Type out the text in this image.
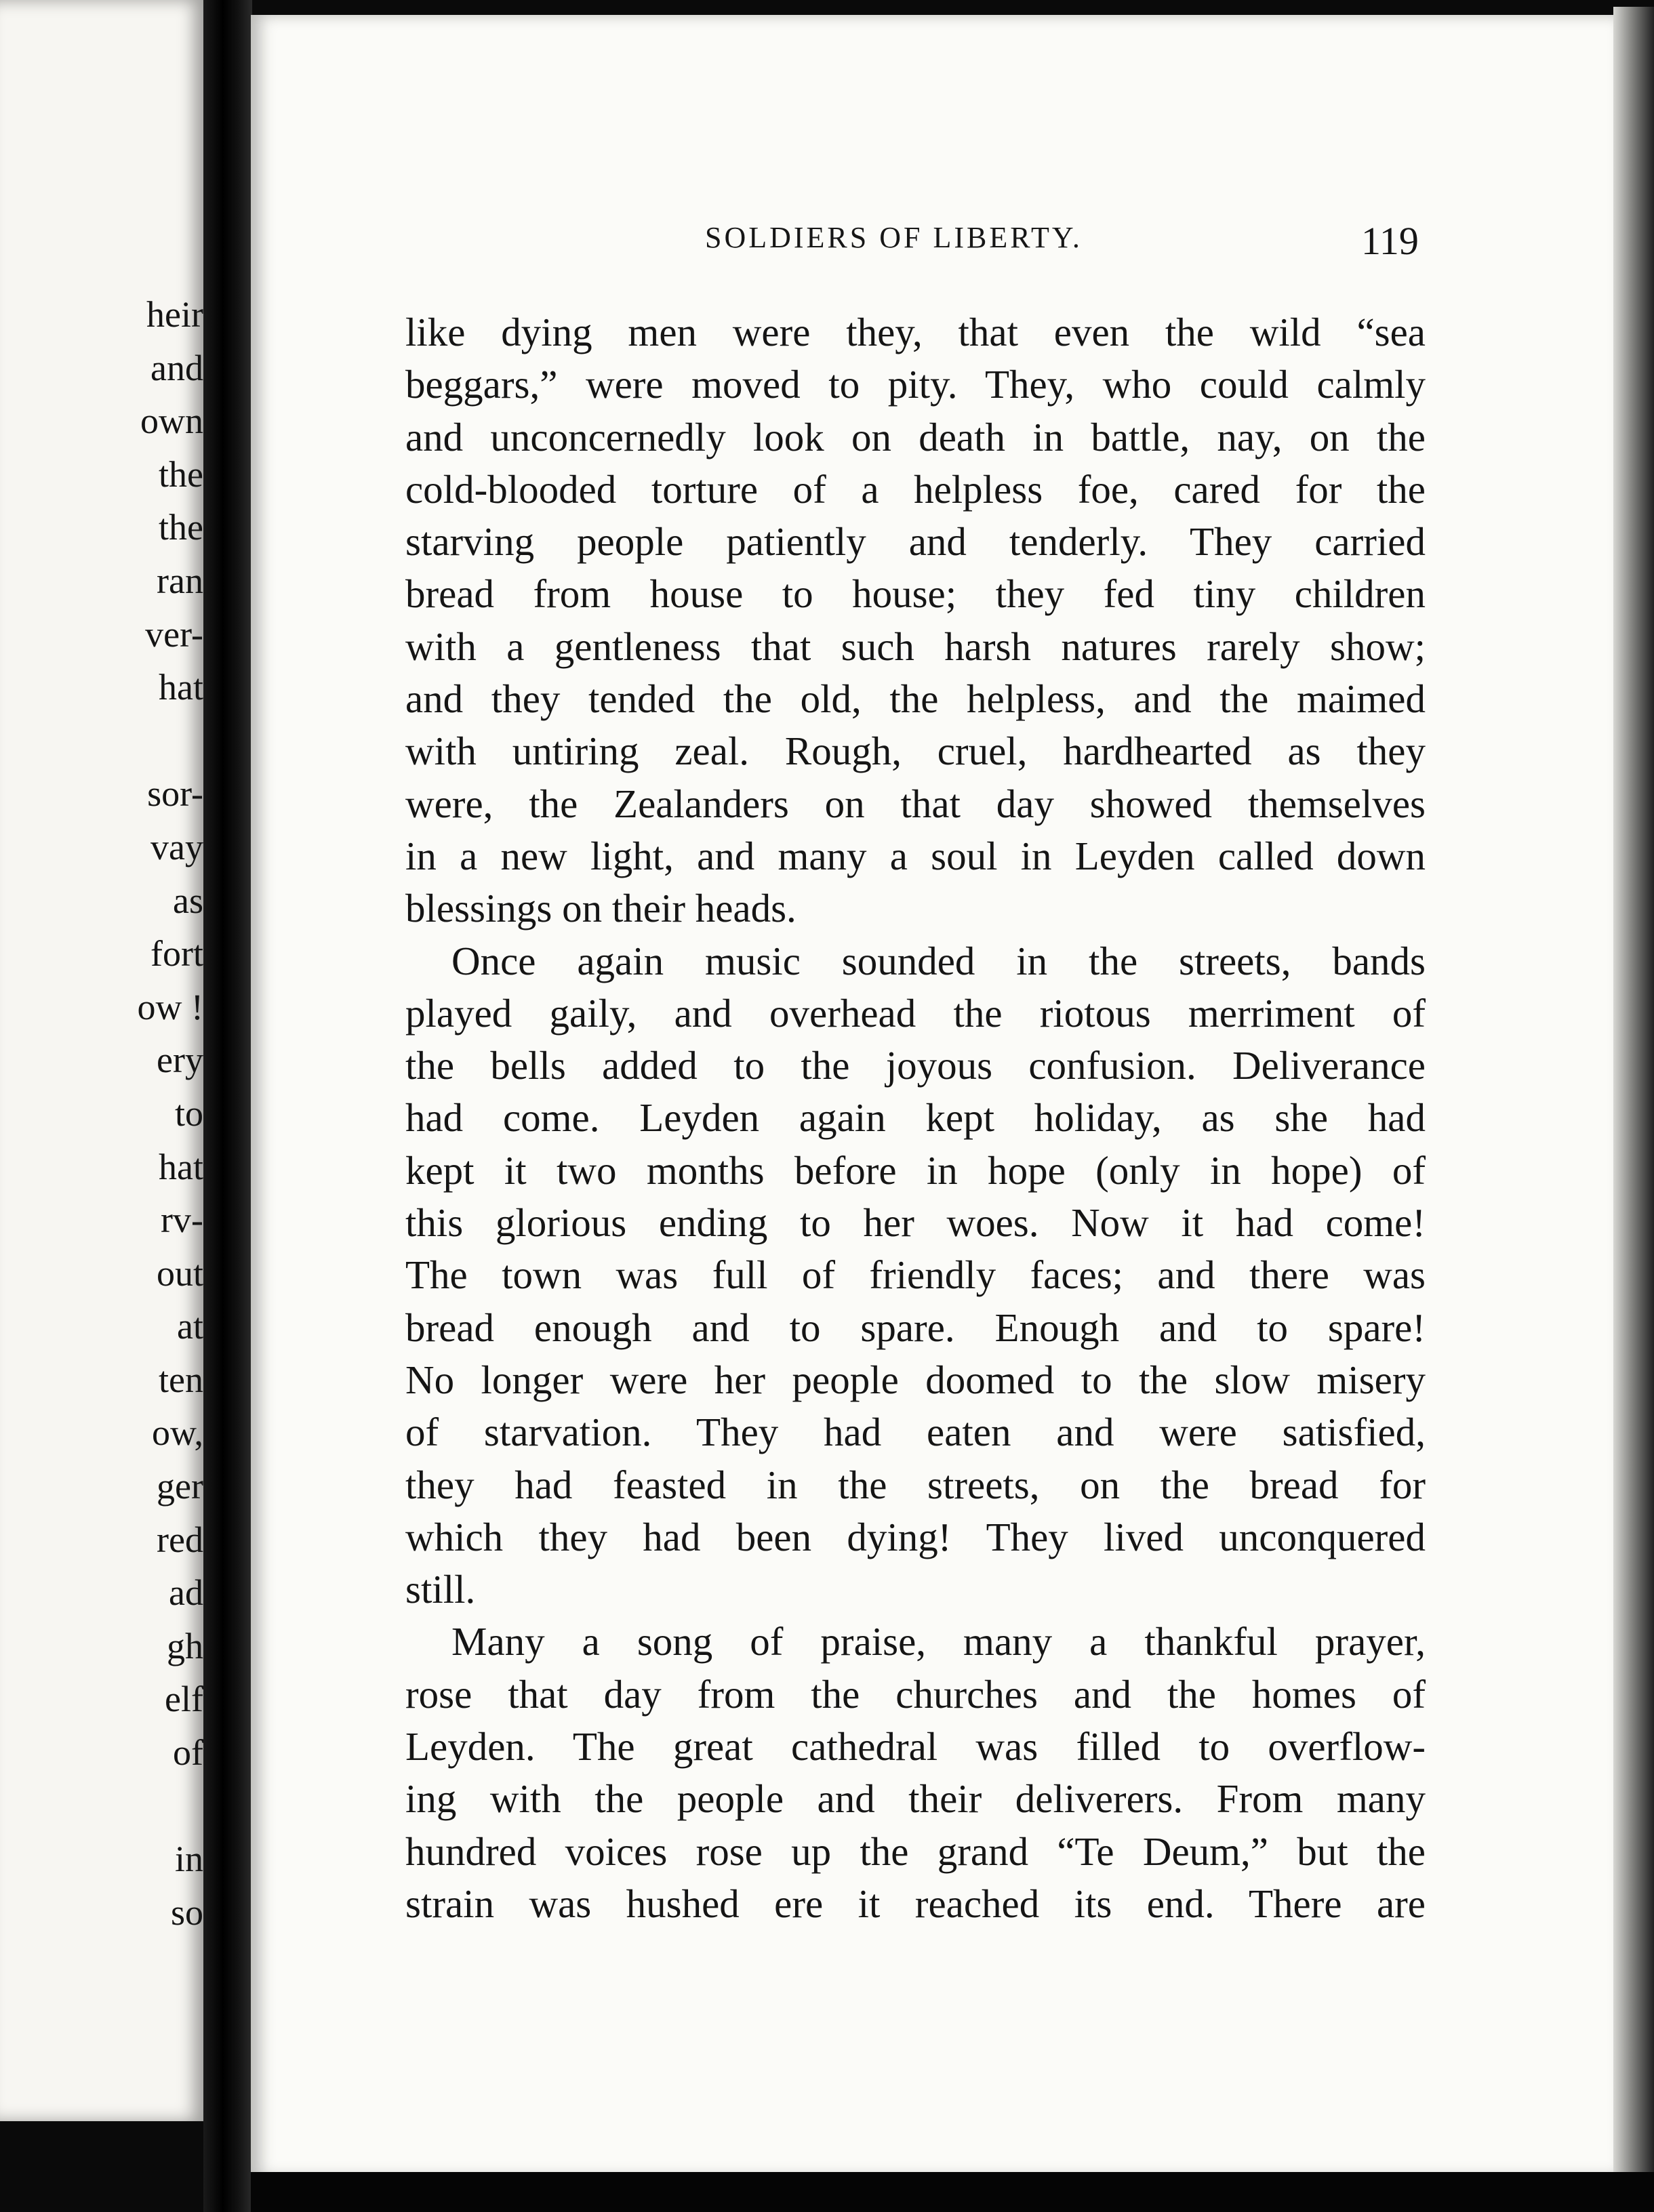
heir
and
own
the
the
ran
ver-
hat
sor-
vay
as
fort
ow !
ery
to
hat
rv-
out
at
ten
ow,
ger
red
ad
gh
elf
of
in
so
SOLDIERS OF LIBERTY.	119
like dying men were they, that even the wild “sea
beggars,” were moved to pity. They, who could calmly
and unconcernedly look on death in battle, nay, on the
cold-blooded torture of a helpless foe, cared for the
starving people patiently and tenderly. They carried
bread from house to house; they fed tiny children
with a gentleness that such harsh natures rarely show;
and they tended the old, the helpless, and the maimed
with untiring zeal. Rough, cruel, hardhearted as they
were, the Zealanders on that day showed themselves
in a new light, and many a soul in Leyden called down
blessings on their heads.
Once again music sounded in the streets, bands
played gaily, and overhead the riotous merriment of
the bells added to the joyous confusion. Deliverance
had come. Leyden again kept holiday, as she had
kept it two months before in hope (only in hope) of
this glorious ending to her woes. Now it had come!
The town was full of friendly faces; and there was
bread enough and to spare. Enough and to spare!
No longer were her people doomed to the slow misery
of starvation. They had eaten and were satisfied,
they had feasted in the streets, on the bread for
which they had been dying! They lived unconquered
still.
Many a song of praise, many a thankful prayer,
rose that day from the churches and the homes of
Leyden. The great cathedral was filled to overflow-
ing with the people and their deliverers. From many
hundred voices rose up the grand “Te Deum,” but the
strain was hushed ere it reached its end. There are
